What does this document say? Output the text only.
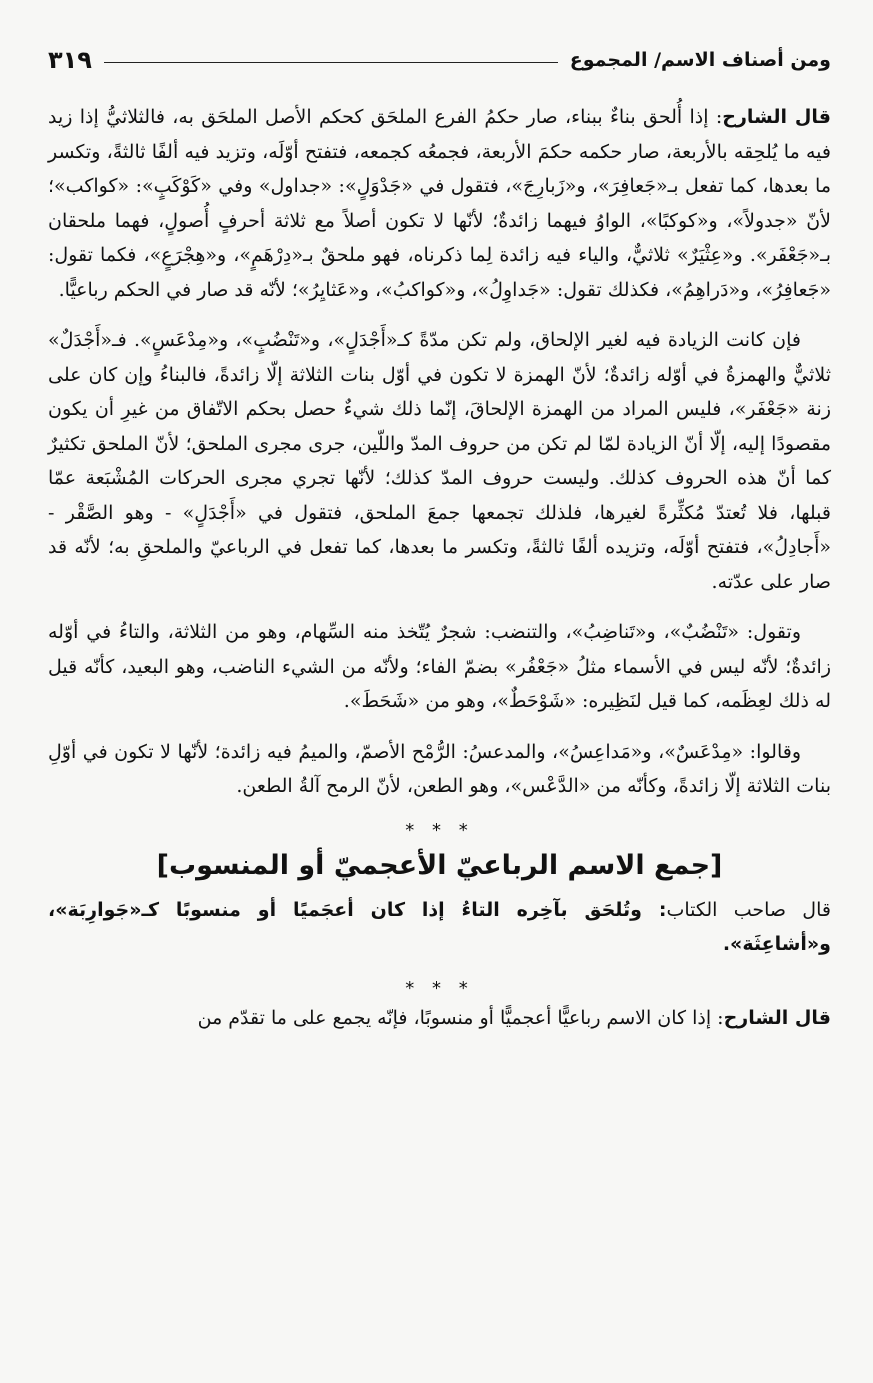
ومن أصناف الاسم/ المجموع
٣١٩

قال الشارح: إذا أُلحق بناءٌ ببناء، صار حكمُ الفرع الملحَق كحكم الأصل الملحَق به، فالثلاثيُّ إذا زيد فيه ما يُلحِقه بالأربعة، صار حكمه حكمَ الأربعة، فجمعُه كجمعه، فتفتح أوّلَه، وتزيد فيه ألفًا ثالثةً، وتكسر ما بعدها، كما تفعل بـ«جَعافِرَ»، و«زَبارِجَ»، فتقول في «جَدْوَلٍ»: «جداول» وفي «كَوْكَبٍ»: «كواكب»؛ لأنّ «جدولاً»، و«كوكبًا»، الواوُ فيهما زائدةٌ؛ لأنّها لا تكون أصلاً مع ثلاثة أحرفٍ أُصولٍ، فهما ملحقان بـ«جَعْفَر». و«عِثْيَرٌ» ثلاثيٌّ، والياء فيه زائدة لِما ذكرناه، فهو ملحقٌ بـ«دِرْهَمٍ»، و«هِجْرَعٍ»، فكما تقول: «جَعافِرُ»، و«دَراهِمُ»، فكذلك تقول: «جَداوِلُ»، و«كواكبُ»، و«عَثايِرُ»؛ لأنّه قد صار في الحكم رباعيًّا.

فإن كانت الزيادة فيه لغير الإلحاق، ولم تكن مدّةً كـ«أَجْدَلٍ»، و«تَنْضُبٍ»، و«مِدْعَسٍ». فـ«أَجْدَلٌ» ثلاثيٌّ والهمزةُ في أوّله زائدةٌ؛ لأنّ الهمزة لا تكون في أوّل بنات الثلاثة إلّا زائدةً، فالبناءُ وإن كان على زنة «جَعْفَر»، فليس المراد من الهمزة الإلحاقَ، إنّما ذلك شيءٌ حصل بحكم الاتّفاق من غيرِ أن يكون مقصودًا إليه، إلّا أنّ الزيادة لمّا لم تكن من حروف المدّ واللّين، جرى مجرى الملحق؛ لأنّ الملحق تكثيرٌ كما أنّ هذه الحروف كذلك. وليست حروف المدّ كذلك؛ لأنّها تجري مجرى الحركات المُشْبَعة عمّا قبلها، فلا تُعتدّ مُكثِّرةً لغيرها، فلذلك تجمعها جمعَ الملحق، فتقول في «أَجْدَلٍ» - وهو الصَّقْر - «أَجادِلُ»، فتفتح أوّلَه، وتزيده ألفًا ثالثةً، وتكسر ما بعدها، كما تفعل في الرباعيّ والملحقِ به؛ لأنّه قد صار على عدّته.

وتقول: «تَنْضُبٌ»، و«تَناضِبُ»، والتنضب: شجرٌ يُتّخذ منه السِّهام، وهو من الثلاثة، والتاءُ في أوّله زائدةٌ؛ لأنّه ليس في الأسماء مثلُ «جَعْفُر» بضمّ الفاء؛ ولأنّه من الشيء الناضب، وهو البعيد، كأنّه قيل له ذلك لعِظَمه، كما قيل لنَظِيره: «شَوْحَطٌ»، وهو من «شَحَطَ».

وقالوا: «مِدْعَسٌ»، و«مَداعِسُ»، والمدعسُ: الرُّمْح الأصمّ، والميمُ فيه زائدة؛ لأنّها لا تكون في أوّلِ بنات الثلاثة إلّا زائدةً، وكأنّه من «الدَّعْس»، وهو الطعن، لأنّ الرمح آلةُ الطعن.

* * *
[جمع الاسم الرباعيّ الأعجميّ أو المنسوب]

قال صاحب الكتاب: وتُلحَق بآخِره التاءُ إذا كان أعجَميًا أو منسوبًا كـ«جَوارِبَة»، و«أشاعِثَة».

* * *

قال الشارح: إذا كان الاسم رباعيًّا أعجميًّا أو منسوبًا، فإنّه يجمع على ما تقدّم من
